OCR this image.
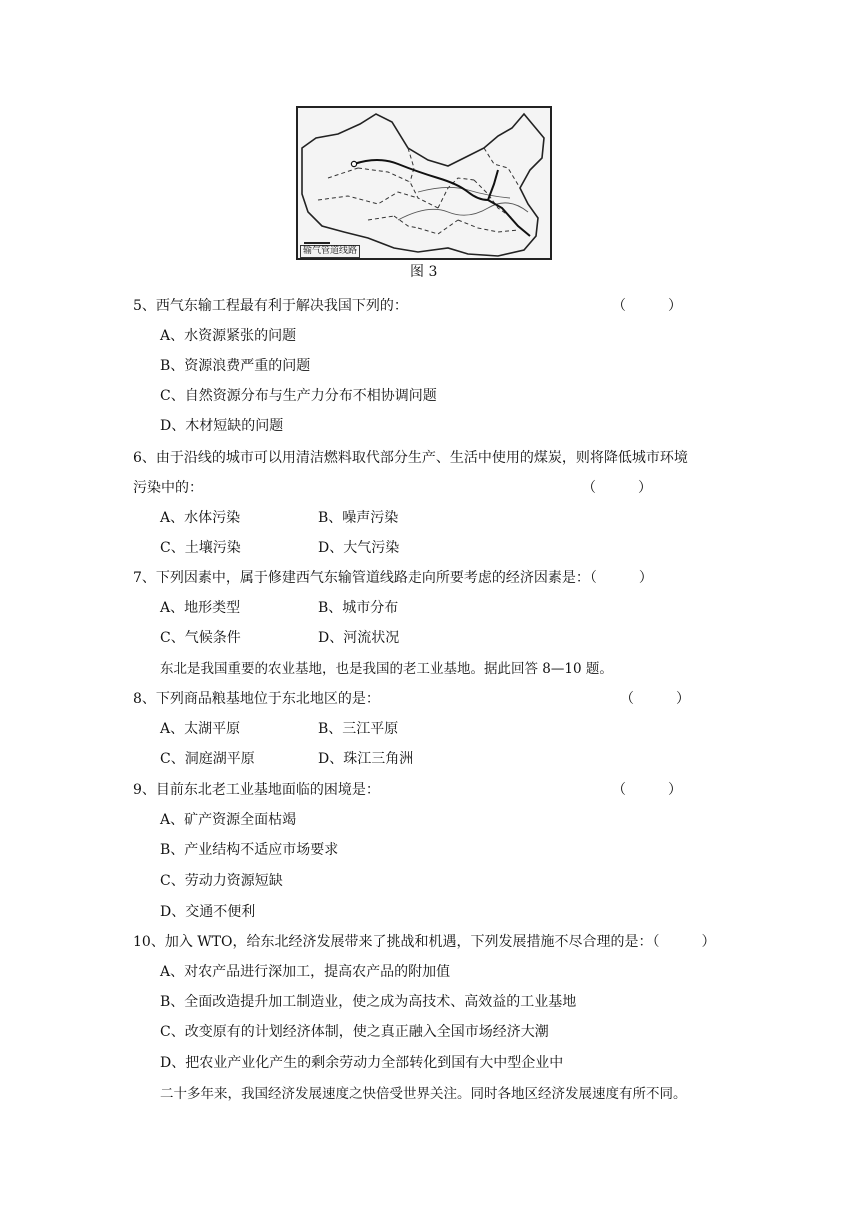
输气管道线路
图 3
5、西气东输工程最有利于解决我国下列的：	（　　　）
A、水资源紧张的问题
B、资源浪费严重的问题
C、自然资源分布与生产力分布不相协调问题
D、木材短缺的问题
6、由于沿线的城市可以用清洁燃料取代部分生产、生活中使用的煤炭，则将降低城市环境
污染中的：	（　　　）
A、水体污染	B、噪声污染
C、土壤污染	D、大气污染
7、下列因素中，属于修建西气东输管道线路走向所要考虑的经济因素是：（　　　）
A、地形类型	B、城市分布
C、气候条件	D、河流状况
东北是我国重要的农业基地，也是我国的老工业基地。据此回答 8—10 题。
8、下列商品粮基地位于东北地区的是：	（　　　）
A、太湖平原	B、三江平原
C、洞庭湖平原	D、珠江三角洲
9、目前东北老工业基地面临的困境是：	（　　　）
A、矿产资源全面枯竭
B、产业结构不适应市场要求
C、劳动力资源短缺
D、交通不便利
10、加入 WTO，给东北经济发展带来了挑战和机遇，下列发展措施不尽合理的是：（　　　）
A、对农产品进行深加工，提高农产品的附加值
B、全面改造提升加工制造业，使之成为高技术、高效益的工业基地
C、改变原有的计划经济体制，使之真正融入全国市场经济大潮
D、把农业产业化产生的剩余劳动力全部转化到国有大中型企业中
二十多年来，我国经济发展速度之快倍受世界关注。同时各地区经济发展速度有所不同。
